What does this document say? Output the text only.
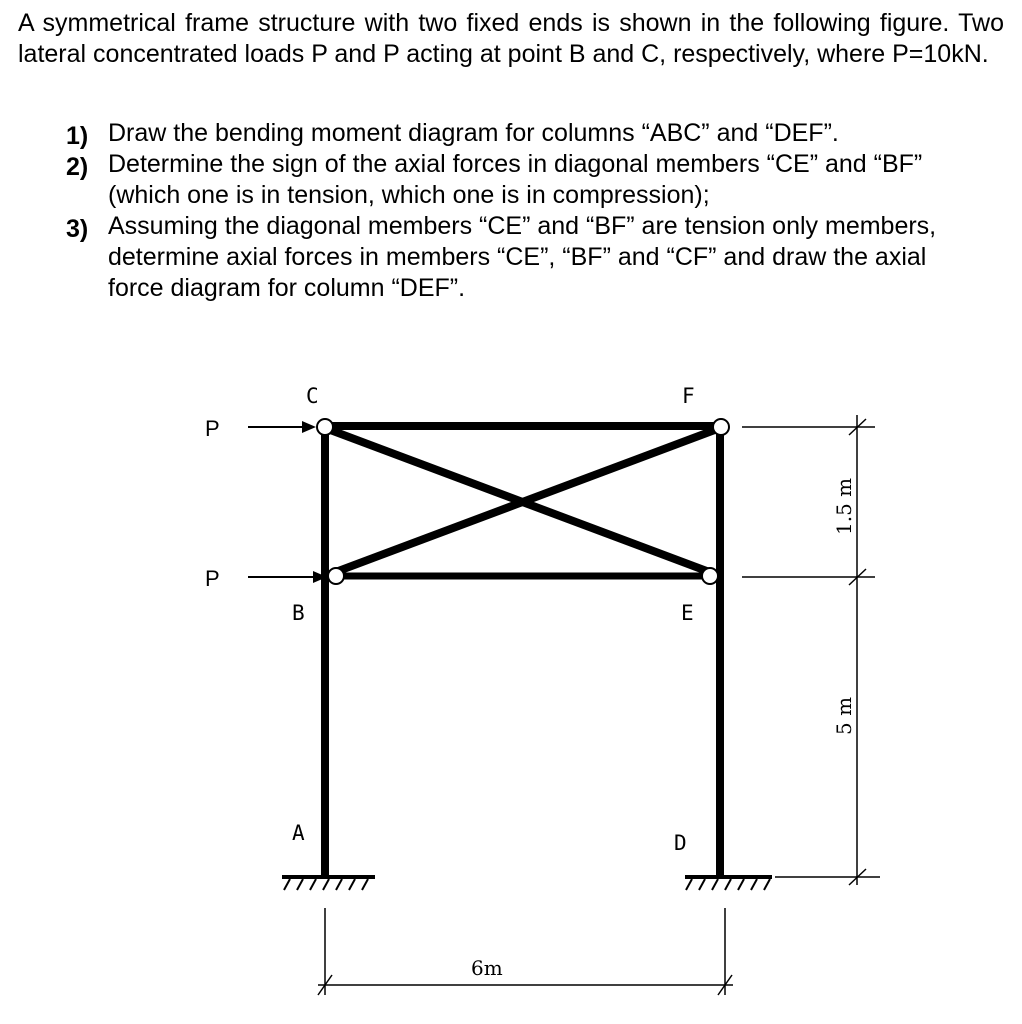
A symmetrical frame structure with two fixed ends is shown in the following figure. Two lateral concentrated loads P and P acting at point B and C, respectively, where P=10kN.

1) Draw the bending moment diagram for columns “ABC” and “DEF”.
2) Determine the sign of the axial forces in diagonal members “CE” and “BF” (which one is in tension, which one is in compression);
3) Assuming the diagonal members “CE” and “BF” are tension only members, determine axial forces in members “CE”, “BF” and “CF” and draw the axial force diagram for column “DEF”.
P
P
C	F
B	E
A	D
1.5 m
5 m
6m
